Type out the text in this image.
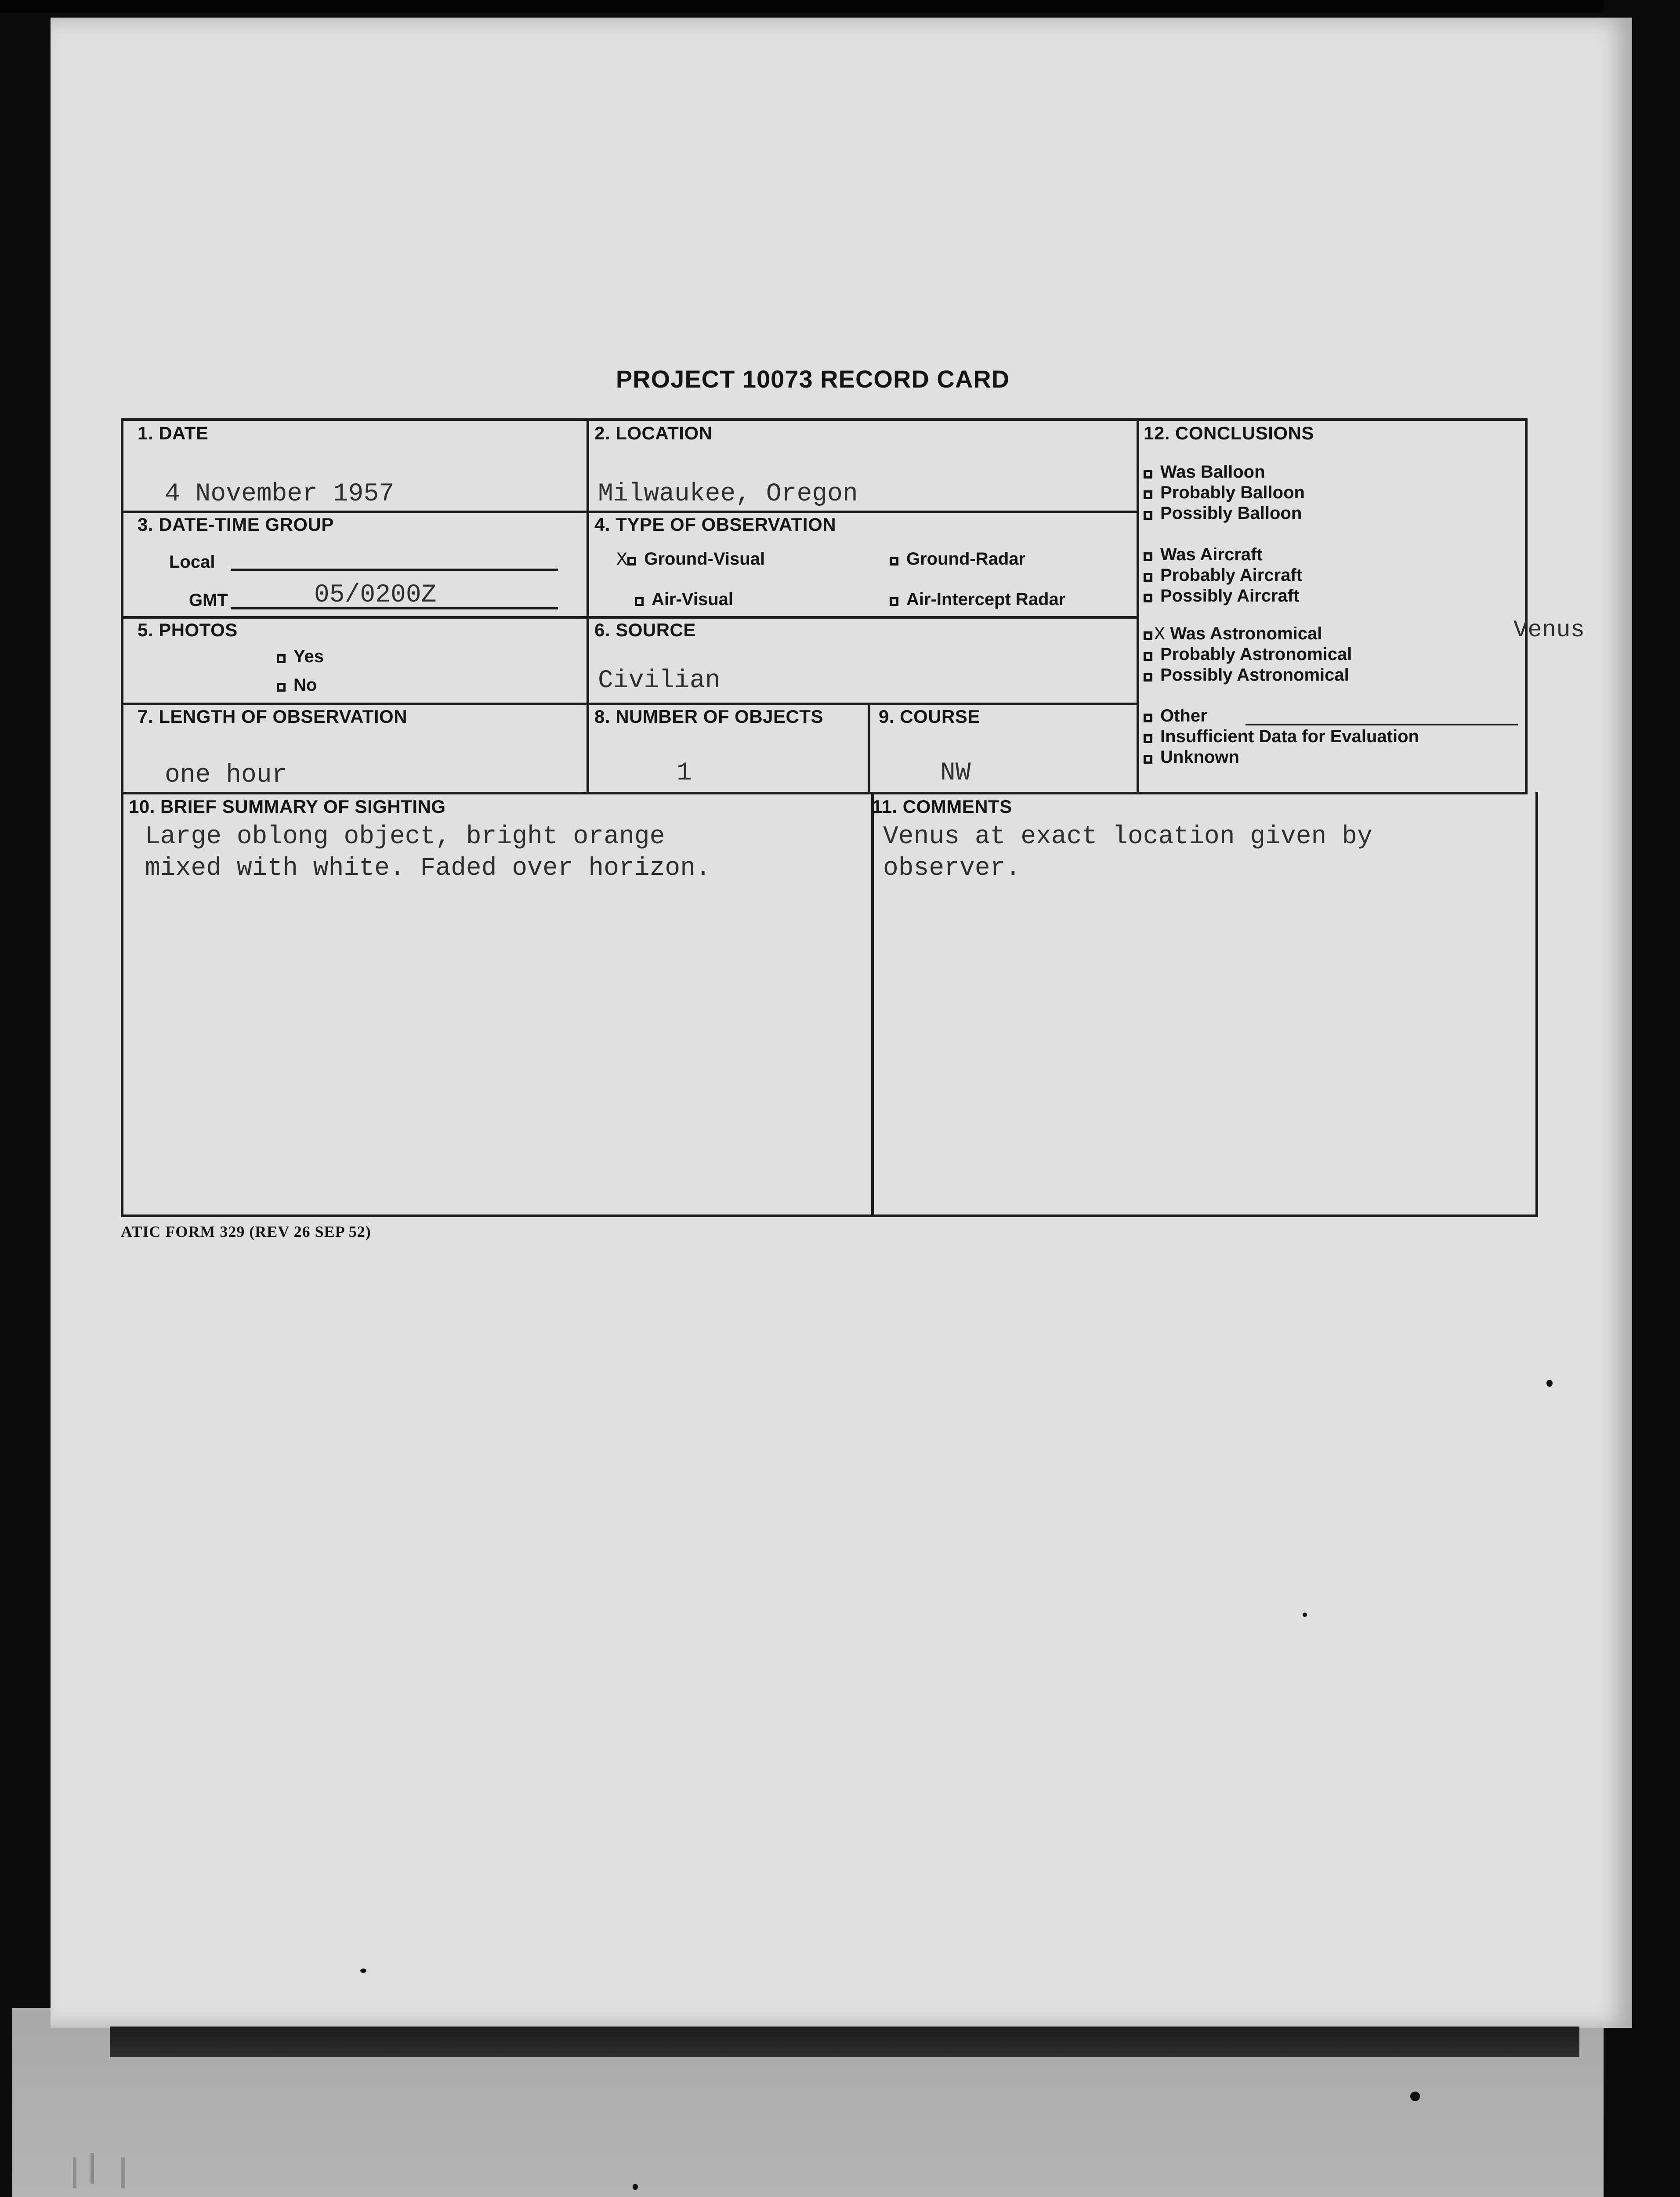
PROJECT 10073 RECORD CARD
1. DATE
4 November 1957
2. LOCATION
Milwaukee, Oregon
3. DATE-TIME GROUP
Local
GMT	05/0200Z
4. TYPE OF OBSERVATION
X Ground-Visual	Ground-Radar
Air-Visual	Air-Intercept Radar
5. PHOTOS
Yes
No
6. SOURCE
Civilian
7. LENGTH OF OBSERVATION
one hour
8. NUMBER OF OBJECTS
1
9. COURSE
NW
10. BRIEF SUMMARY OF SIGHTING
Large oblong object, bright orange
mixed with white. Faded over horizon.
11. COMMENTS
Venus at exact location given by
observer.
12. CONCLUSIONS
Was Balloon
Probably Balloon
Possibly Balloon
Was Aircraft
Probably Aircraft
Possibly Aircraft
X Was Astronomical	Venus
Probably Astronomical
Possibly Astronomical
Other
Insufficient Data for Evaluation
Unknown
ATIC FORM 329 (REV 26 SEP 52)
